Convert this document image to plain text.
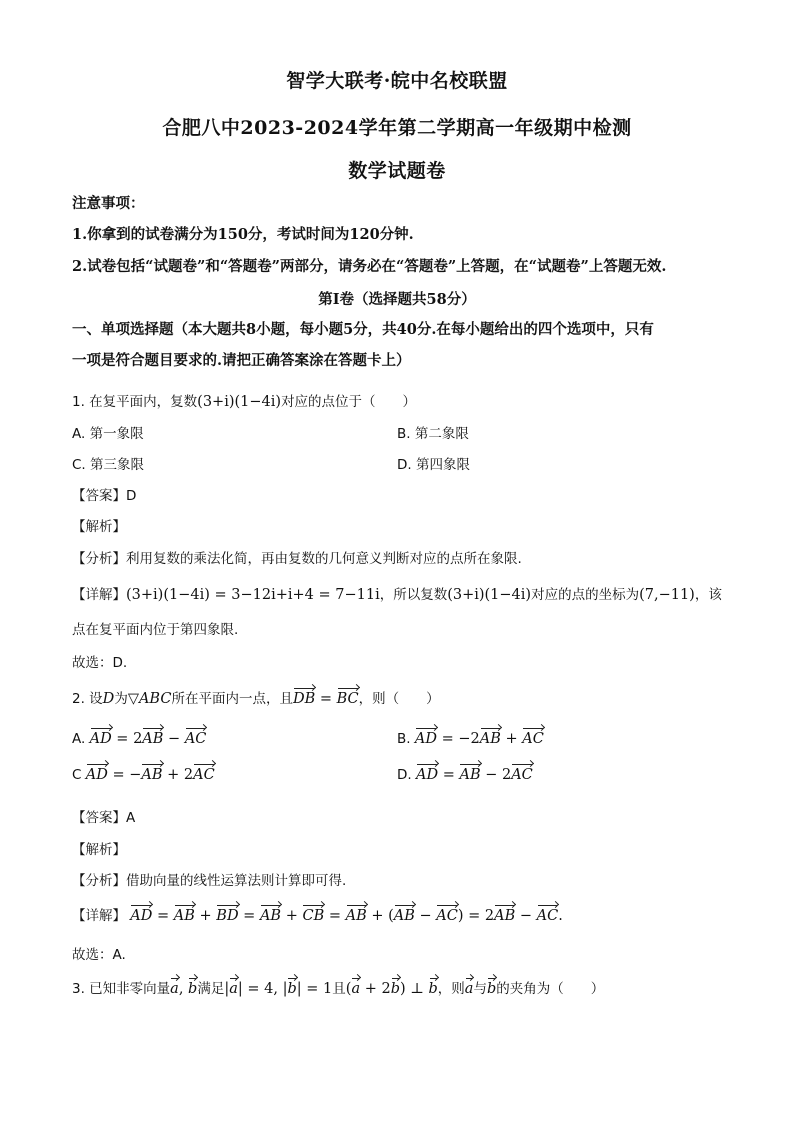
智学大联考·皖中名校联盟
合肥八中2023-2024学年第二学期高一年级期中检测
数学试题卷
注意事项：
1.你拿到的试卷满分为150分，考试时间为120分钟.
2.试卷包括“试题卷”和“答题卷”两部分，请务必在“答题卷”上答题，在“试题卷”上答题无效.
第I卷（选择题共58分）
一、单项选择题（本大题共8小题，每小题5分，共40分.在每小题给出的四个选项中，只有
一项是符合题目要求的.请把正确答案涂在答题卡上）
1. 在复平面内，复数(3+i)(1−4i)对应的点位于（　　）
A. 第一象限	B. 第二象限
C. 第三象限	D. 第四象限
【答案】D
【解析】
【分析】利用复数的乘法化简，再由复数的几何意义判断对应的点所在象限.
【详解】(3+i)(1−4i) = 3−12i+i+4 = 7−11i，所以复数(3+i)(1−4i)对应的点的坐标为(7,−11)，该
点在复平面内位于第四象限.
故选：D.
2. 设D为▽ABC所在平面内一点，且DB = BC，则（　　）
A. AD = 2AB − AC	B. AD = −2AB + AC
C AD = −AB + 2AC	D. AD = AB − 2AC
【答案】A
【解析】
【分析】借助向量的线性运算法则计算即可得.
【详解】 AD = AB + BD = AB + CB = AB + (AB − AC) = 2AB − AC.
故选：A.
3. 已知非零向量a, b满足|a| = 4, |b| = 1且(a + 2b) ⊥ b，则a与b的夹角为（　　）
